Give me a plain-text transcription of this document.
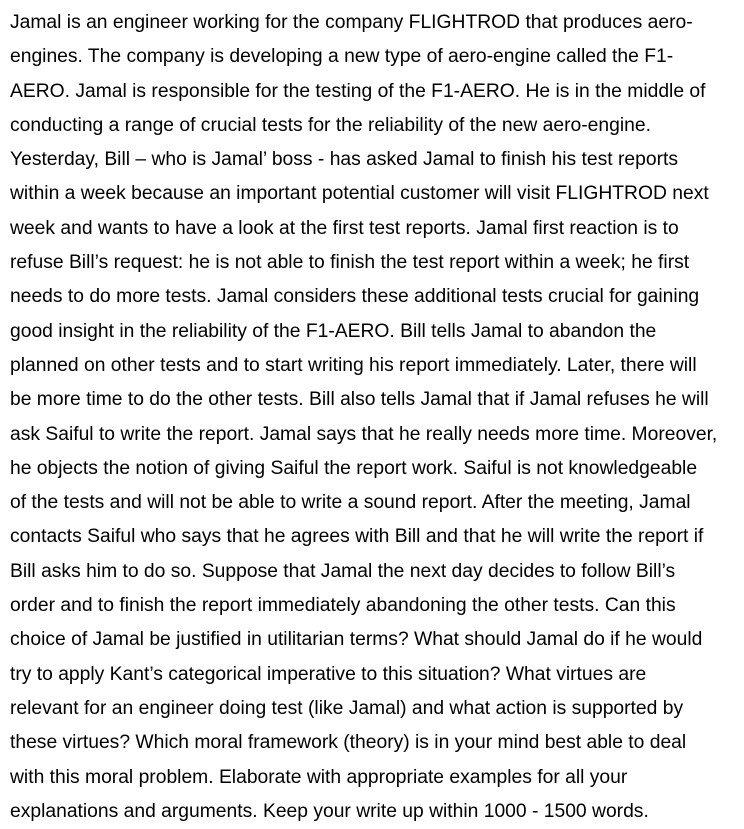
Jamal is an engineer working for the company FLIGHTROD that produces aero-
engines. The company is developing a new type of aero-engine called the F1-
AERO. Jamal is responsible for the testing of the F1-AERO. He is in the middle of
conducting a range of crucial tests for the reliability of the new aero-engine.
Yesterday, Bill – who is Jamal’ boss - has asked Jamal to finish his test reports
within a week because an important potential customer will visit FLIGHTROD next
week and wants to have a look at the first test reports. Jamal first reaction is to
refuse Bill’s request: he is not able to finish the test report within a week; he first
needs to do more tests. Jamal considers these additional tests crucial for gaining
good insight in the reliability of the F1-AERO. Bill tells Jamal to abandon the
planned on other tests and to start writing his report immediately. Later, there will
be more time to do the other tests. Bill also tells Jamal that if Jamal refuses he will
ask Saiful to write the report. Jamal says that he really needs more time. Moreover,
he objects the notion of giving Saiful the report work. Saiful is not knowledgeable
of the tests and will not be able to write a sound report. After the meeting, Jamal
contacts Saiful who says that he agrees with Bill and that he will write the report if
Bill asks him to do so. Suppose that Jamal the next day decides to follow Bill’s
order and to finish the report immediately abandoning the other tests. Can this
choice of Jamal be justified in utilitarian terms? What should Jamal do if he would
try to apply Kant’s categorical imperative to this situation? What virtues are
relevant for an engineer doing test (like Jamal) and what action is supported by
these virtues? Which moral framework (theory) is in your mind best able to deal
with this moral problem. Elaborate with appropriate examples for all your
explanations and arguments. Keep your write up within 1000 - 1500 words.
